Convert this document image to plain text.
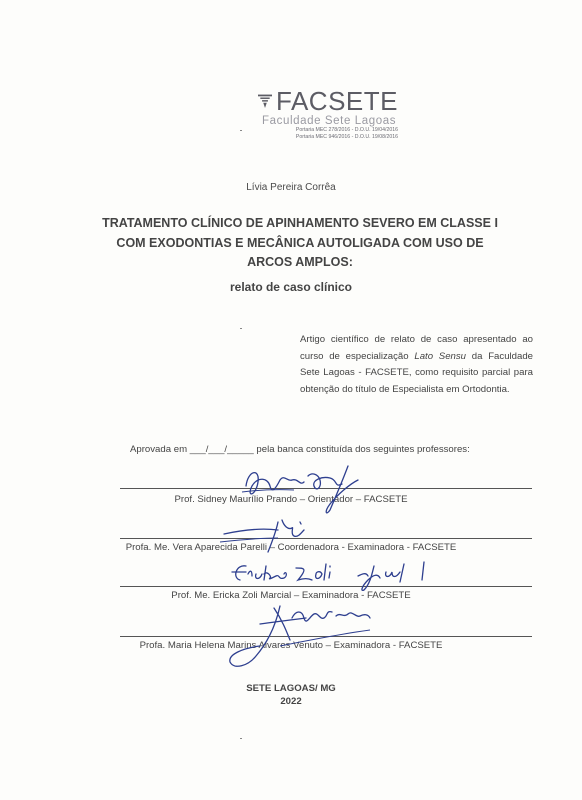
FACSETE
Faculdade Sete Lagoas
Portaria MEC 278/2016 - D.O.U. 19/04/2016
Portaria MEC 946/2016 - D.O.U. 19/08/2016
Lívia Pereira Corrêa
TRATAMENTO CLÍNICO DE APINHAMENTO SEVERO EM CLASSE I
COM EXODONTIAS E MECÂNICA AUTOLIGADA COM USO DE
ARCOS AMPLOS:
relato de caso clínico
Artigo científico de relato de caso apresentado ao curso de especialização Lato Sensu da Faculdade Sete Lagoas - FACSETE, como requisito parcial para obtenção do título de Especialista em Ortodontia.
Aprovada em ___/___/_____ pela banca constituída dos seguintes professores:
Prof. Sidney Maurílio Prando – Orientador – FACSETE
Profa. Me. Vera Aparecida Parelli – Coordenadora - Examinadora - FACSETE
Prof. Me. Ericka Zoli Marcial – Examinadora - FACSETE
Profa. Maria Helena Marins Alvares Venuto – Examinadora - FACSETE
SETE LAGOAS/ MG
2022
